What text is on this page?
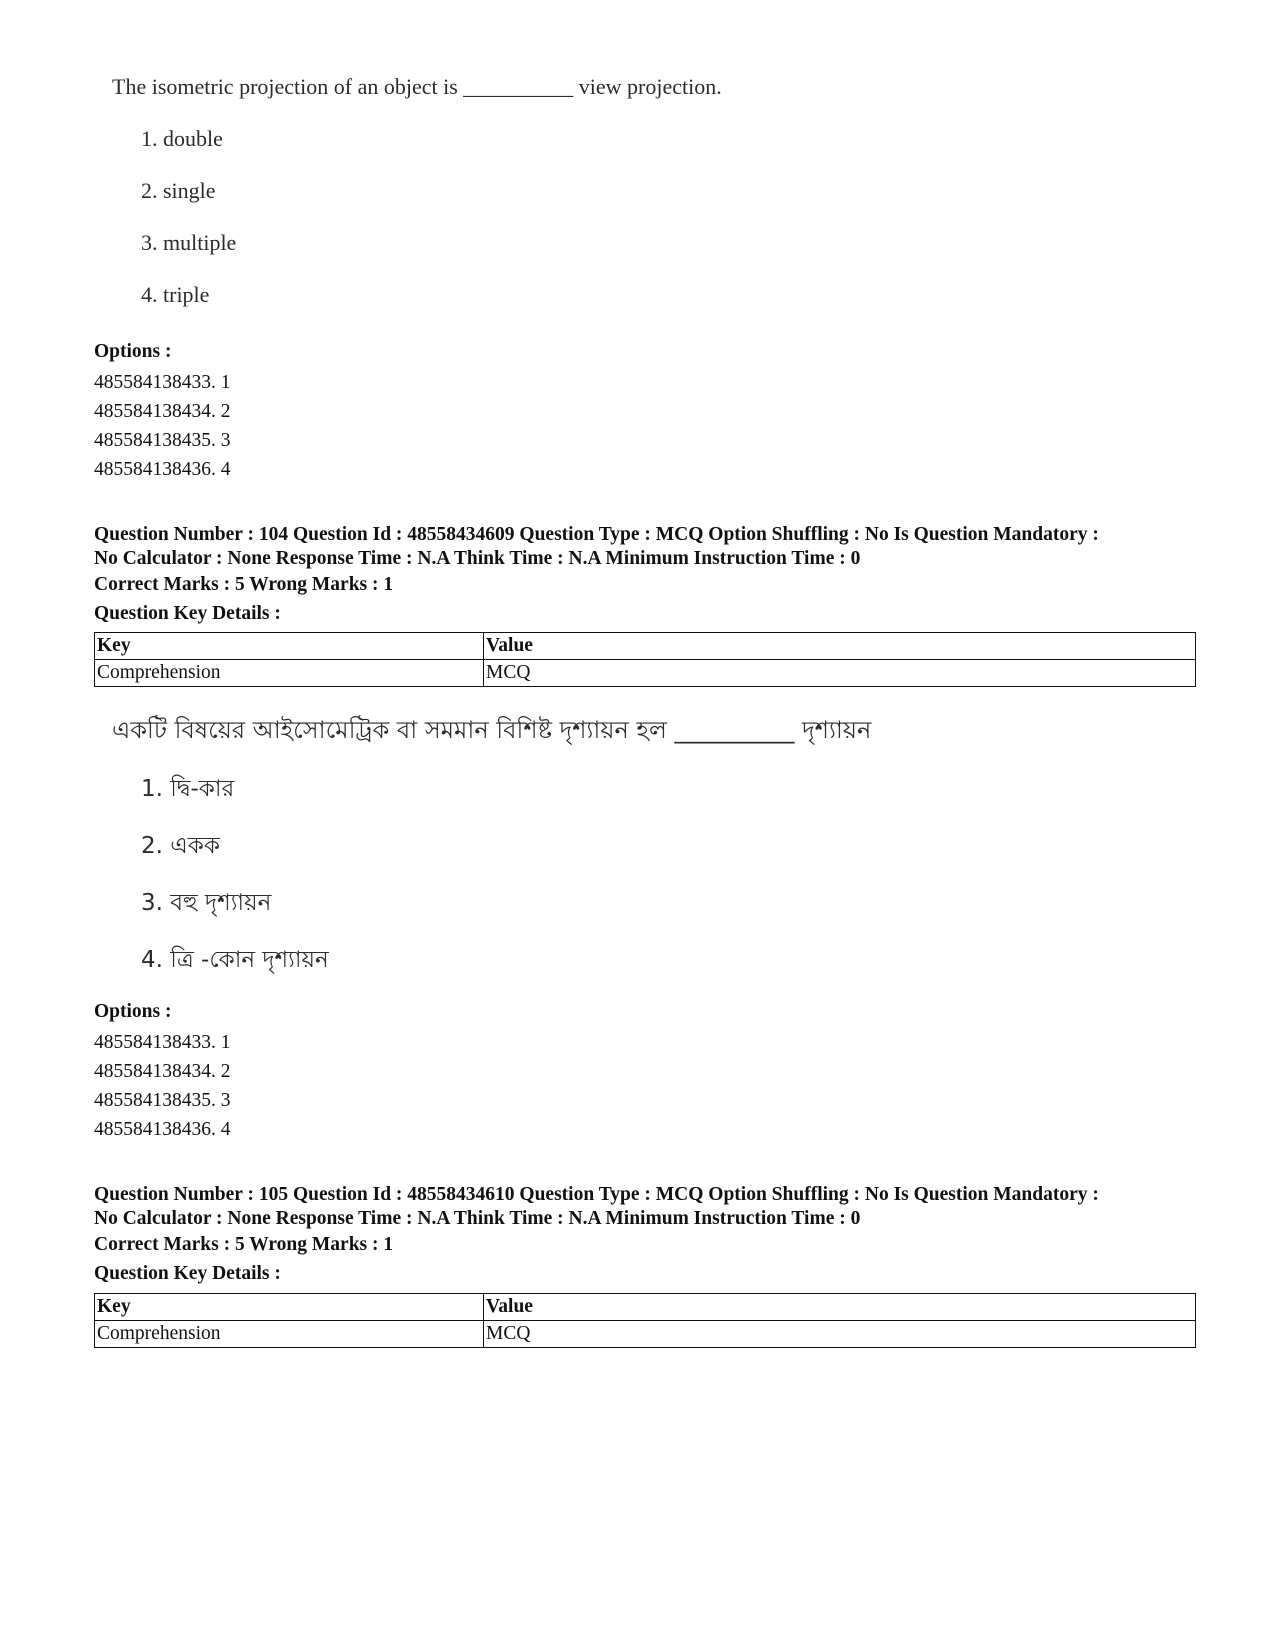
The isometric projection of an object is __________ view projection.
1. double
2. single
3. multiple
4. triple
Options :
485584138433. 1
485584138434. 2
485584138435. 3
485584138436. 4
Question Number : 104 Question Id : 48558434609 Question Type : MCQ Option Shuffling : No Is Question Mandatory :
No Calculator : None Response Time : N.A Think Time : N.A Minimum Instruction Time : 0
Correct Marks : 5 Wrong Marks : 1
Question Key Details :
Key	Value
Comprehension	MCQ
একটি বিষয়ের আইসোমেট্রিক বা সমমান বিশিষ্ট দৃশ্যায়ন হল __________ দৃশ্যায়ন
1. দ্বি-কার
2. একক
3. বহু দৃশ্যায়ন
4. ত্রি -কোন দৃশ্যায়ন
Options :
485584138433. 1
485584138434. 2
485584138435. 3
485584138436. 4
Question Number : 105 Question Id : 48558434610 Question Type : MCQ Option Shuffling : No Is Question Mandatory :
No Calculator : None Response Time : N.A Think Time : N.A Minimum Instruction Time : 0
Correct Marks : 5 Wrong Marks : 1
Question Key Details :
Key	Value
Comprehension	MCQ
